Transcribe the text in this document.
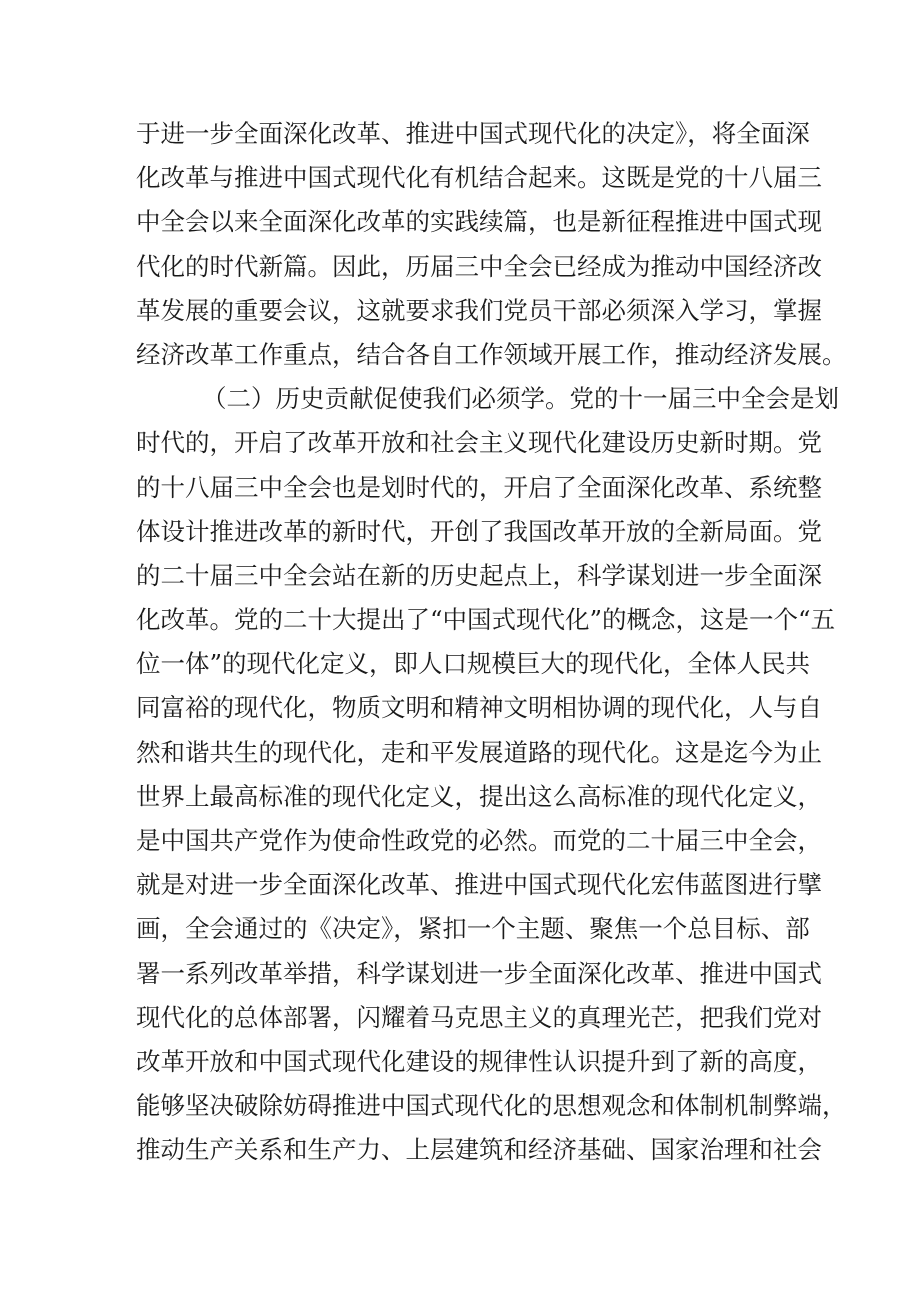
于进一步全面深化改革、推进中国式现代化的决定》，将全面深
化改革与推进中国式现代化有机结合起来。这既是党的十八届三
中全会以来全面深化改革的实践续篇，也是新征程推进中国式现
代化的时代新篇。因此，历届三中全会已经成为推动中国经济改
革发展的重要会议，这就要求我们党员干部必须深入学习，掌握
经济改革工作重点，结合各自工作领域开展工作，推动经济发展。
（二）历史贡献促使我们必须学。党的十一届三中全会是划
时代的，开启了改革开放和社会主义现代化建设历史新时期。党
的十八届三中全会也是划时代的，开启了全面深化改革、系统整
体设计推进改革的新时代，开创了我国改革开放的全新局面。党
的二十届三中全会站在新的历史起点上，科学谋划进一步全面深
化改革。党的二十大提出了“中国式现代化”的概念，这是一个“五
位一体”的现代化定义，即人口规模巨大的现代化，全体人民共
同富裕的现代化，物质文明和精神文明相协调的现代化，人与自
然和谐共生的现代化，走和平发展道路的现代化。这是迄今为止
世界上最高标准的现代化定义，提出这么高标准的现代化定义，
是中国共产党作为使命性政党的必然。而党的二十届三中全会，
就是对进一步全面深化改革、推进中国式现代化宏伟蓝图进行擘
画，全会通过的《决定》，紧扣一个主题、聚焦一个总目标、部
署一系列改革举措，科学谋划进一步全面深化改革、推进中国式
现代化的总体部署，闪耀着马克思主义的真理光芒，把我们党对
改革开放和中国式现代化建设的规律性认识提升到了新的高度，
能够坚决破除妨碍推进中国式现代化的思想观念和体制机制弊端，
推动生产关系和生产力、上层建筑和经济基础、国家治理和社会
